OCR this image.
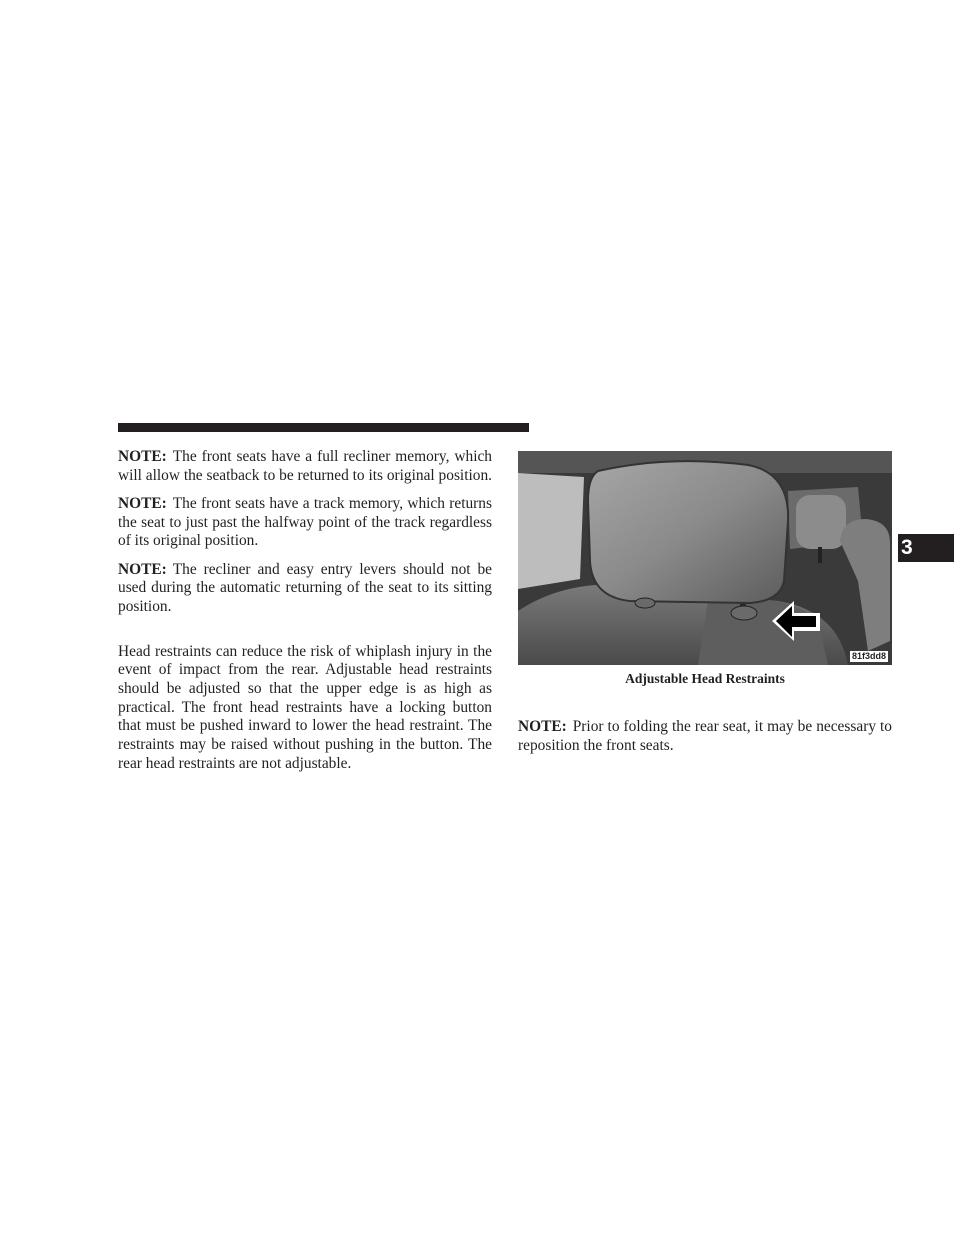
NOTE: The front seats have a full recliner memory, which will allow the seatback to be returned to its original position.

NOTE: The front seats have a track memory, which returns the seat to just past the halfway point of the track regardless of its original position.

NOTE: The recliner and easy entry levers should not be used during the automatic returning of the seat to its sitting position.

Head restraints can reduce the risk of whiplash injury in the event of impact from the rear. Adjustable head restraints should be adjusted so that the upper edge is as high as practical. The front head restraints have a locking button that must be pushed inward to lower the head restraint. The restraints may be raised without pushing in the button. The rear head restraints are not adjustable.

81f3dd8
Adjustable Head Restraints

NOTE: Prior to folding the rear seat, it may be necessary to reposition the front seats.

3
